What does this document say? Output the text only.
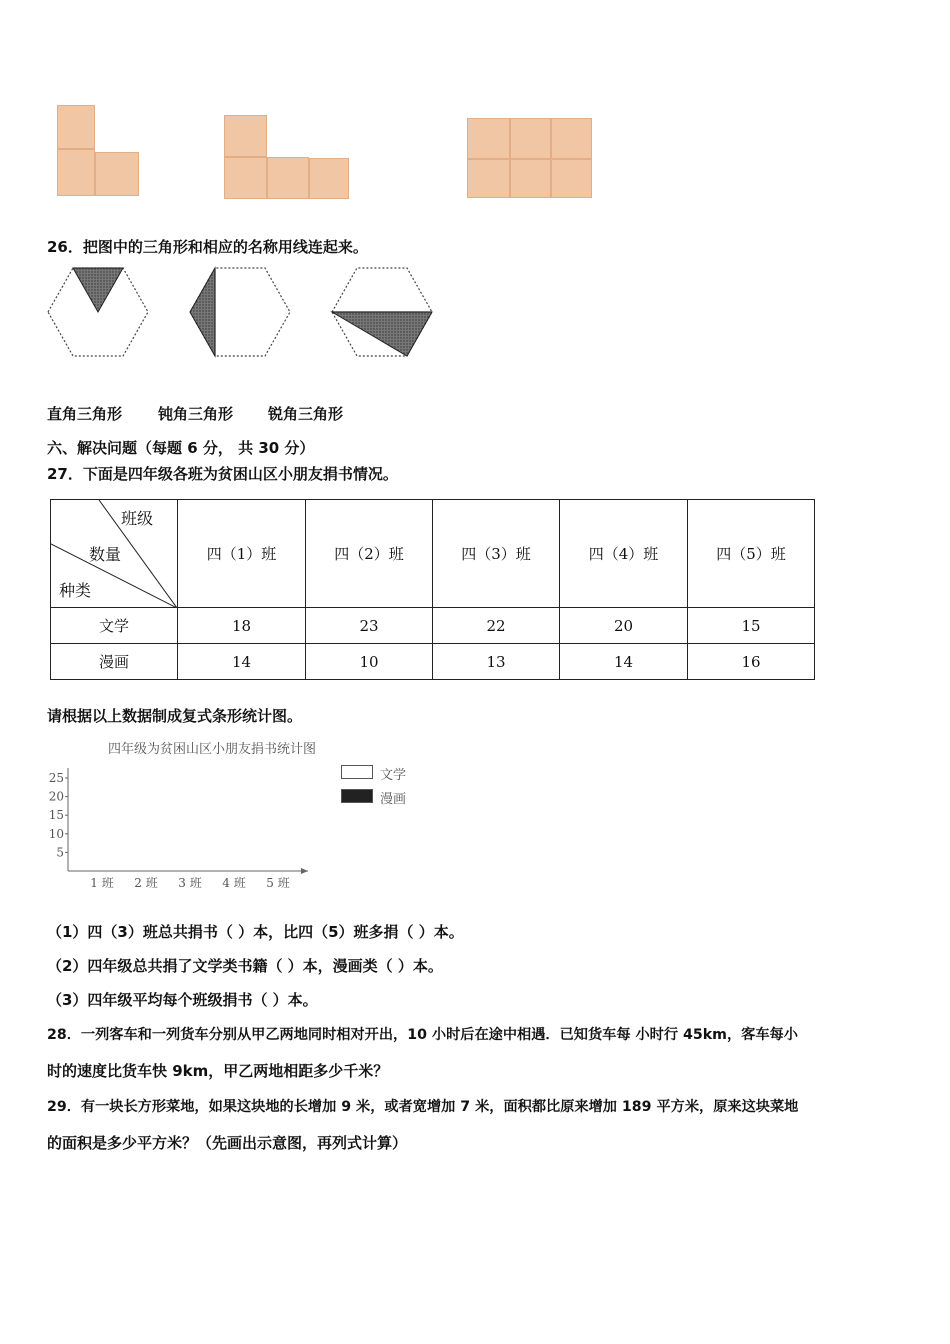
26．把图中的三角形和相应的名称用线连起来。
直角三角形 钝角三角形 锐角三角形
六、解决问题（每题 6 分， 共 30 分）
27．下面是四年级各班为贫困山区小朋友捐书情况。
班级
数量
种类	四（1）班	四（2）班	四（3）班	四（4）班	四（5）班
文学	18	23	22	20	15
漫画	14	10	13	14	16
请根据以上数据制成复式条形统计图。
四年级为贫困山区小朋友捐书统计图
5
10
15
20
25
1 班 2 班 3 班 4 班 5 班
文学
漫画
（1）四（3）班总共捐书（ ）本，比四（5）班多捐（ ）本。
（2）四年级总共捐了文学类书籍（ ）本，漫画类（ ）本。
（3）四年级平均每个班级捐书（ ）本。
28．一列客车和一列货车分别从甲乙两地同时相对开出，10 小时后在途中相遇．已知货车每 小时行 45km，客车每小
时的速度比货车快 9km，甲乙两地相距多少千米？
29．有一块长方形菜地，如果这块地的长增加 9 米，或者宽增加 7 米，面积都比原来增加 189 平方米，原来这块菜地
的面积是多少平方米？（先画出示意图，再列式计算）
